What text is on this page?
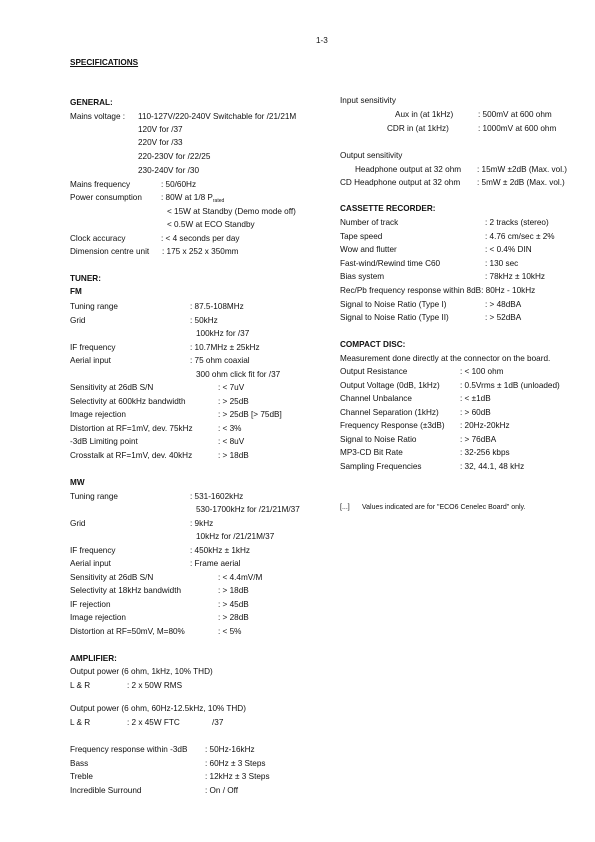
1-3
SPECIFICATIONS
GENERAL:
Mains voltage : 110-127V/220-240V Switchable for /21/21M
120V for /37
220V for /33
220-230V for /22/25
230-240V for /30
Mains frequency	: 50/60Hz
Power consumption : 80W at 1/8 $P_{rated}$
< 15W at Standby (Demo mode off)
< 0.5W at ECO Standby
Clock accuracy	: < 4 seconds per day
Dimension centre unit : 175 x 252 x 350mm
TUNER:
FM
Tuning range	: 87.5-108MHz
Grid	: 50kHz
100kHz for /37
IF frequency	: 10.7MHz ± 25kHz
Aerial input	: 75 ohm coaxial
300 ohm click fit for /37
Sensitivity at 26dB S/N	: < 7uV
Selectivity at 600kHz bandwidth	: > 25dB
Image rejection	: > 25dB [> 75dB]
Distortion at RF=1mV, dev. 75kHz	: < 3%
-3dB Limiting point	: < 8uV
Crosstalk at RF=1mV, dev. 40kHz	: > 18dB
MW
Tuning range	: 531-1602kHz
530-1700kHz for /21/21M/37
Grid	: 9kHz
10kHz for /21/21M/37
IF frequency	: 450kHz ± 1kHz
Aerial input	: Frame aerial
Sensitivity at 26dB S/N	: < 4.4mV/M
Selectivity at 18kHz bandwidth	: > 18dB
IF rejection	: > 45dB
Image rejection	: > 28dB
Distortion at RF=50mV, M=80%	: < 5%
AMPLIFIER:
Output power (6 ohm, 1kHz, 10% THD)
L & R	: 2 x 50W RMS
Output power (6 ohm, 60Hz-12.5kHz, 10% THD)
L & R	: 2 x 45W FTC	/37
Frequency response within -3dB : 50Hz-16kHz
Bass	: 60Hz ± 3 Steps
Treble	: 12kHz ± 3 Steps
Incredible Surround	: On / Off
Input sensitivity
Aux in (at 1kHz)	: 500mV at 600 ohm
CDR in (at 1kHz)	: 1000mV at 600 ohm
Output sensitivity
Headphone output at 32 ohm : 15mW ±2dB (Max. vol.)
CD Headphone output at 32 ohm : 5mW ± 2dB (Max. vol.)
CASSETTE RECORDER:
Number of track	: 2 tracks (stereo)
Tape speed	: 4.76 cm/sec ± 2%
Wow and flutter	: < 0.4% DIN
Fast-wind/Rewind time C60	: 130 sec
Bias system	: 78kHz ± 10kHz
Rec/Pb frequency response within 8dB: 80Hz - 10kHz
Signal to Noise Ratio (Type I)	: > 48dBA
Signal to Noise Ratio (Type II)	: > 52dBA
COMPACT DISC:
Measurement done directly at the connector on the board.
Output Resistance	: < 100 ohm
Output Voltage (0dB, 1kHz) : 0.5Vrms ± 1dB (unloaded)
Channel Unbalance	: < ±1dB
Channel Separation (1kHz)	: > 60dB
Frequency Response (±3dB) : 20Hz-20kHz
Signal to Noise Ratio	: > 76dBA
MP3-CD Bit Rate	: 32-256 kbps
Sampling Frequencies	: 32, 44.1, 48 kHz
[...] Values indicated are for "ECO6 Cenelec Board" only.
